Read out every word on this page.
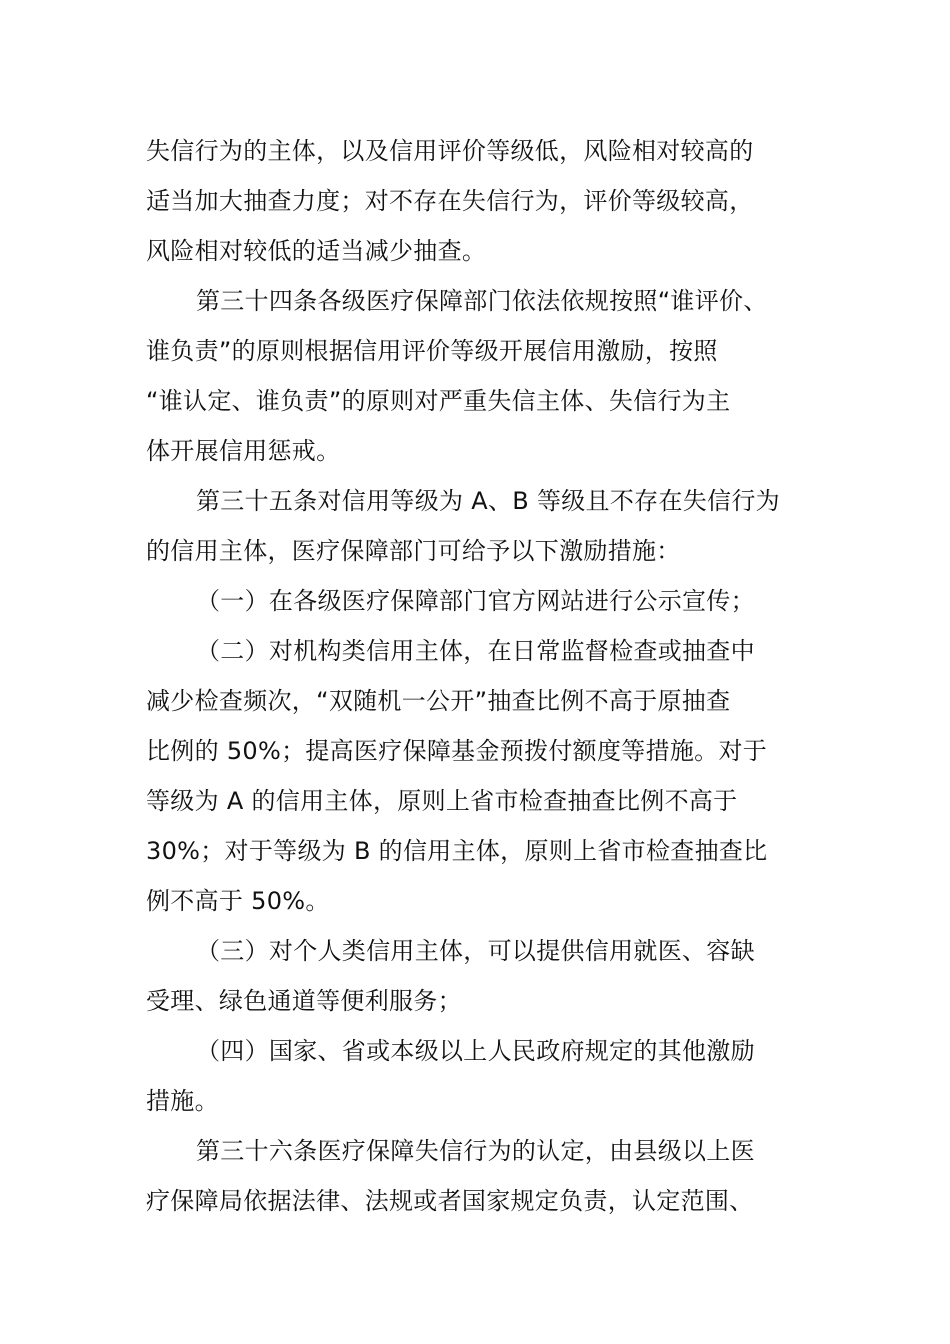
失信行为的主体，以及信用评价等级低，风险相对较高的
适当加大抽查力度；对不存在失信行为，评价等级较高，
风险相对较低的适当减少抽查。
第三十四条各级医疗保障部门依法依规按照“谁评价、
谁负责”的原则根据信用评价等级开展信用激励，按照
“谁认定、谁负责”的原则对严重失信主体、失信行为主
体开展信用惩戒。
第三十五条对信用等级为 A、B 等级且不存在失信行为
的信用主体，医疗保障部门可给予以下激励措施：
（一）在各级医疗保障部门官方网站进行公示宣传；
（二）对机构类信用主体，在日常监督检查或抽查中
减少检查频次，“双随机一公开”抽查比例不高于原抽查
比例的 50%；提高医疗保障基金预拨付额度等措施。对于
等级为 A 的信用主体，原则上省市检查抽查比例不高于
30%；对于等级为 B 的信用主体，原则上省市检查抽查比
例不高于 50%。
（三）对个人类信用主体，可以提供信用就医、容缺
受理、绿色通道等便利服务；
（四）国家、省或本级以上人民政府规定的其他激励
措施。
第三十六条医疗保障失信行为的认定，由县级以上医
疗保障局依据法律、法规或者国家规定负责，认定范围、
